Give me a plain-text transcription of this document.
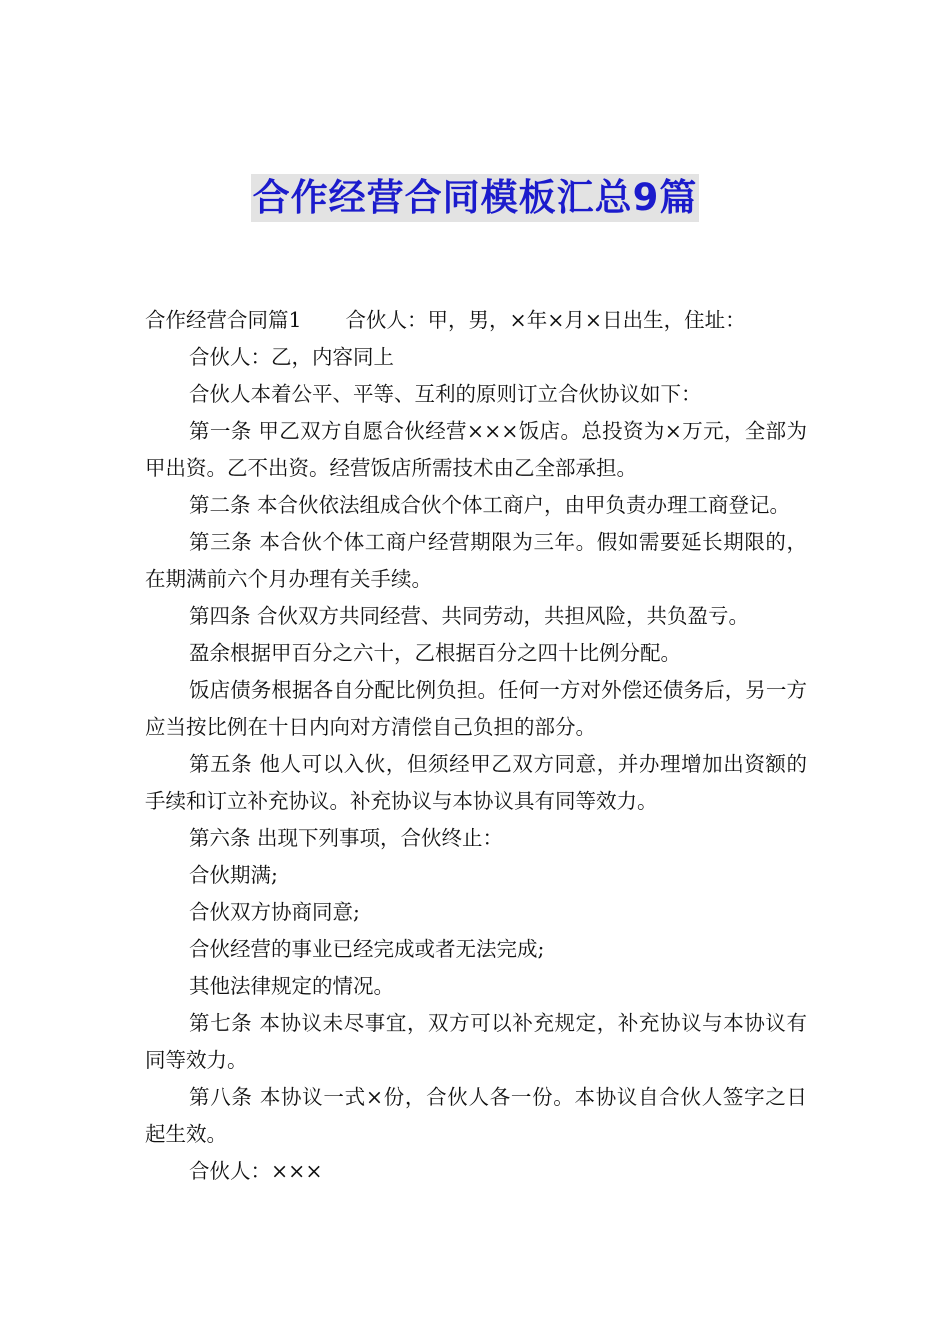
合作经营合同模板汇总9篇

合作经营合同篇1 合伙人：甲，男，×年×月×日出生，住址：

合伙人：乙，内容同上

合伙人本着公平、平等、互利的原则订立合伙协议如下：

第一条 甲乙双方自愿合伙经营×××饭店。总投资为×万元，全部为甲出资。乙不出资。经营饭店所需技术由乙全部承担。

第二条 本合伙依法组成合伙个体工商户，由甲负责办理工商登记。

第三条 本合伙个体工商户经营期限为三年。假如需要延长期限的，在期满前六个月办理有关手续。

第四条 合伙双方共同经营、共同劳动，共担风险，共负盈亏。

盈余根据甲百分之六十，乙根据百分之四十比例分配。

饭店债务根据各自分配比例负担。任何一方对外偿还债务后，另一方应当按比例在十日内向对方清偿自己负担的部分。

第五条 他人可以入伙，但须经甲乙双方同意，并办理增加出资额的手续和订立补充协议。补充协议与本协议具有同等效力。

第六条 出现下列事项，合伙终止：

合伙期满;

合伙双方协商同意;

合伙经营的事业已经完成或者无法完成;

其他法律规定的情况。

第七条 本协议未尽事宜，双方可以补充规定，补充协议与本协议有同等效力。

第八条 本协议一式×份，合伙人各一份。本协议自合伙人签字之日起生效。

合伙人：×××
